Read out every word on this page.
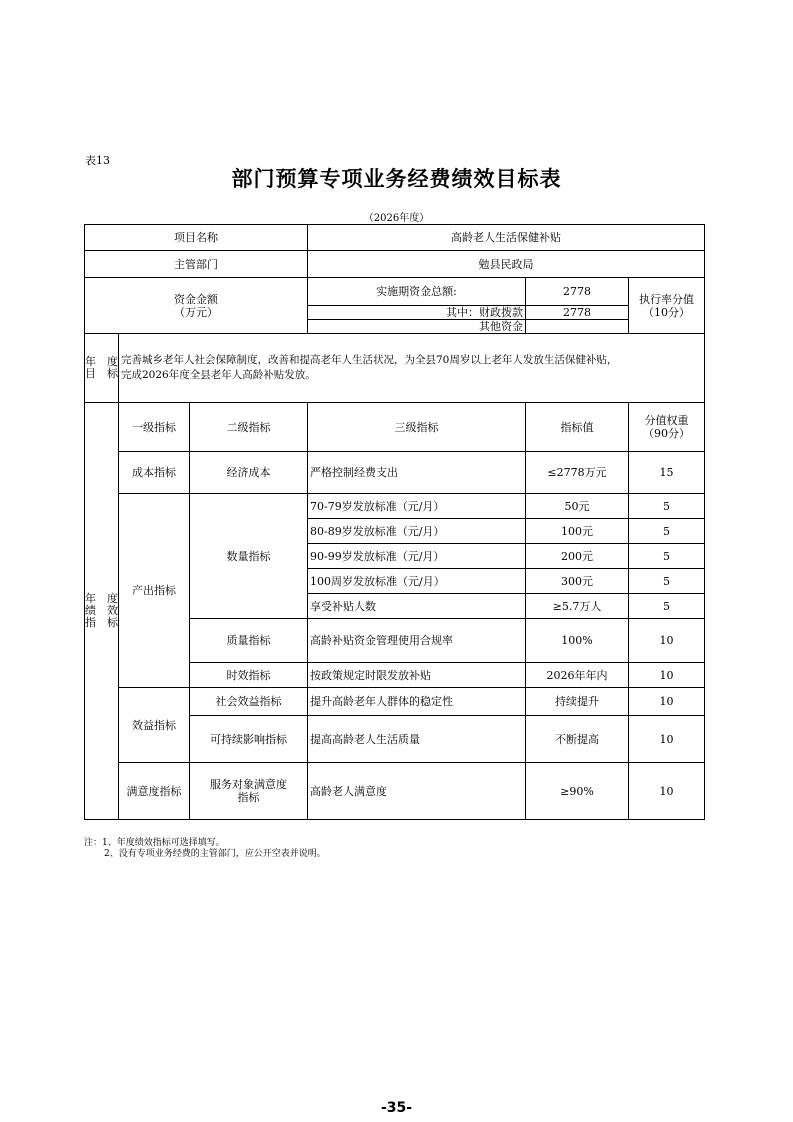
表13
部门预算专项业务经费绩效目标表
（2026年度）
项目名称			高龄老人生活保健补贴		
主管部门			勉县民政局		

资金金额
（万元）			实施期资金总额:	2778	执行率分值
（10分）

			其中：财政拨款	2778	
			其他资金		

年　度
目　标	完善城乡老年人社会保障制度，改善和提高老年人生活状况，为全县70周岁以上老年人发放生活保健补贴，
完成2026年度全县老年人高龄补贴发放。				

年　度
绩　效
指　标	一级指标	二级指标	三级指标	指标值	分值权重
（90分）

	成本指标	经济成本	严格控制经费支出	≤2778万元	15
	产出指标	数量指标	70-79岁发放标准（元/月）	50元	5
			80-89岁发放标准（元/月）	100元	5
			90-99岁发放标准（元/月）	200元	5
			100周岁发放标准（元/月）	300元	5
			享受补贴人数	≥5.7万人	5
		质量指标	高龄补贴资金管理使用合规率	100%	10
		时效指标	按政策规定时限发放补贴	2026年年内	10
	效益指标	社会效益指标	提升高龄老年人群体的稳定性	持续提升	10
		可持续影响指标	提高高龄老人生活质量	不断提高	10
	满意度指标	服务对象满意度
指标	高龄老人满意度	≥90%	10
注：1、年度绩效指标可选择填写。
2、没有专项业务经费的主管部门，应公开空表并说明。
-35-
